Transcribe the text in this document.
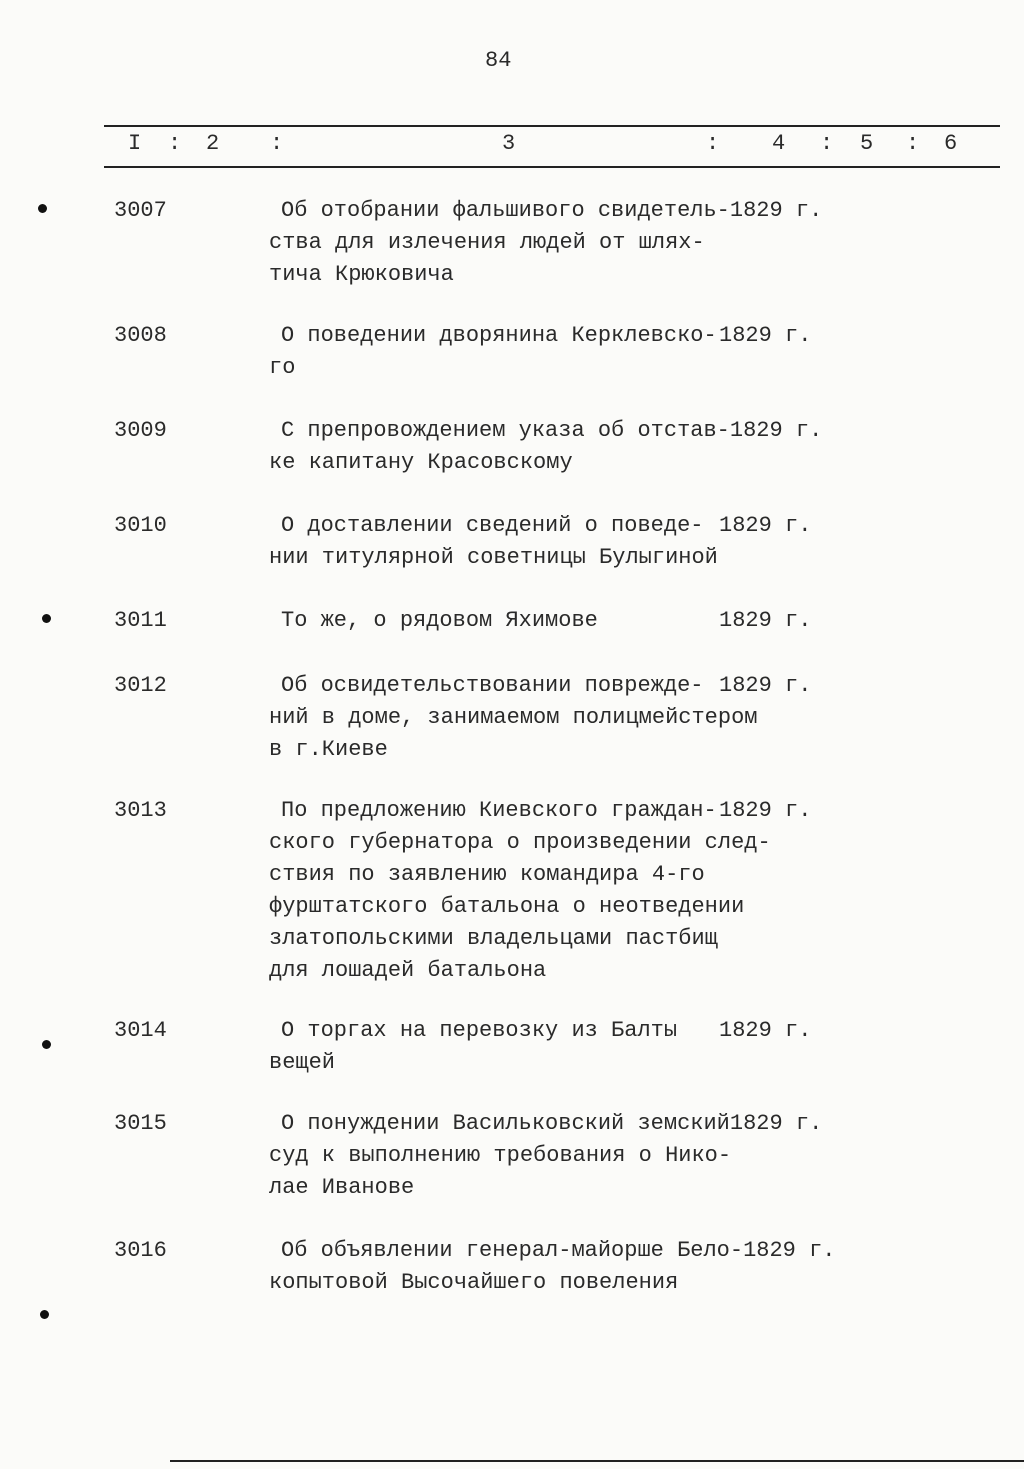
84
I : 2 :	3	: 4 : 5 : 6
3007	Об отобрании фальшивого свидетель- 1829 г.
ства для излечения людей от шлях-
тича Крюковича
3008	О поведении дворянина Керклевско- 1829 г.
го
3009	С препровождением указа об отстав- 1829 г.
ке капитану Красовскому
3010	О доставлении сведений о поведе- 1829 г.
нии титулярной советницы Булыгиной
3011	То же, о рядовом Яхимове	1829 г.
3012	Об освидетельствовании поврежде- 1829 г.
ний в доме, занимаемом полицмейстером
в г.Киеве
3013	По предложению Киевского граждан- 1829 г.
ского губернатора о произведении след-
ствия по заявлению командира 4-го
фурштатского батальона о неотведении
златопольскими владельцами пастбищ
для лошадей батальона
3014	О торгах на перевозку из Балты	1829 г.
вещей
3015	О понуждении Васильковский земский 1829 г.
суд к выполнению требования о Нико-
лае Иванове
3016	Об объявлении генерал-майорше Бело- 1829 г.
копытовой Высочайшего повеления
